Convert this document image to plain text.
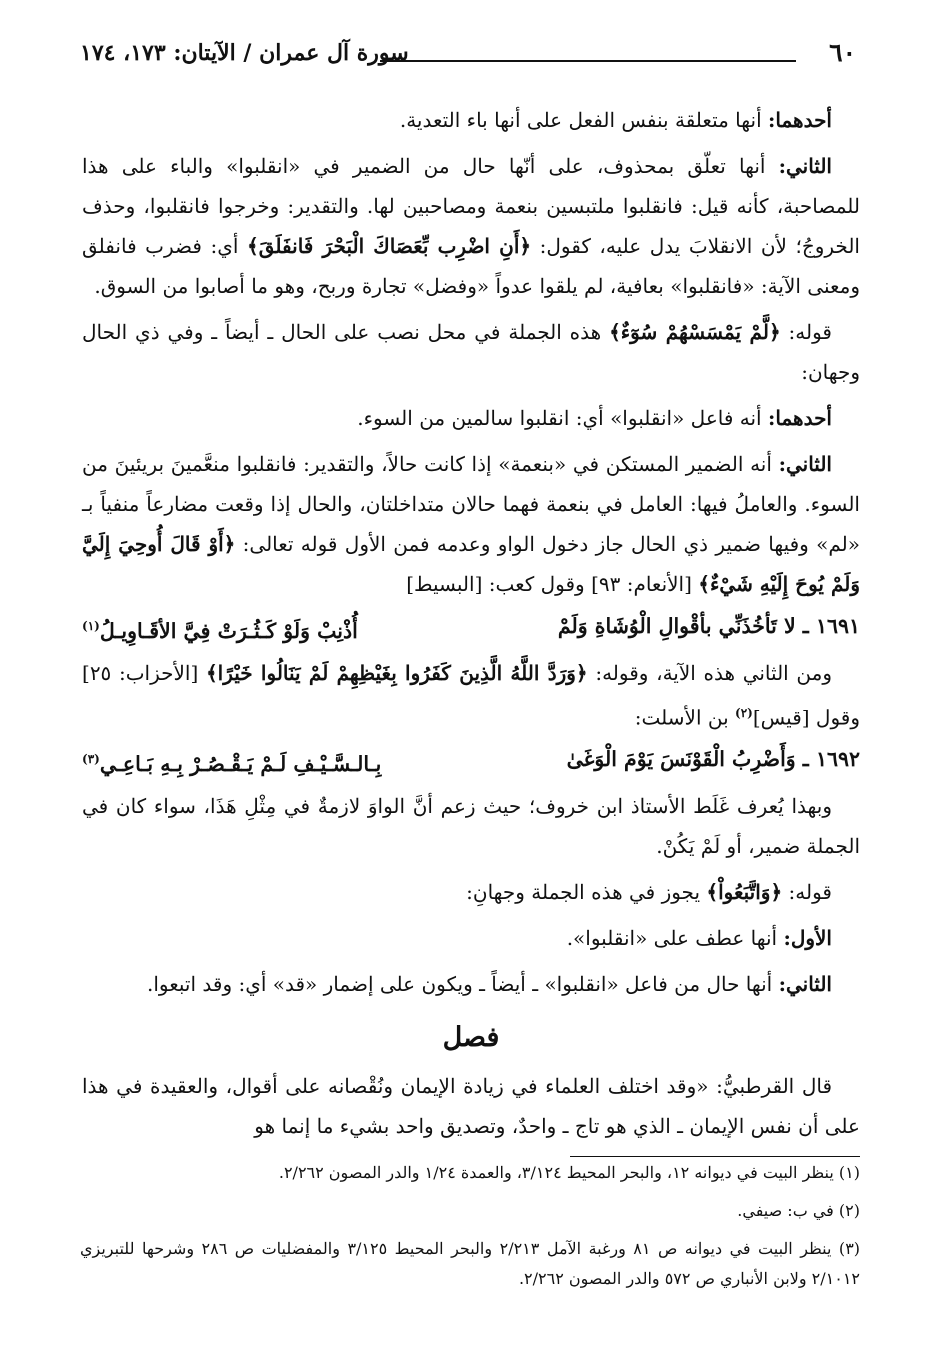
٦٠
سورة آل عمران / الآيتان: ١٧٣، ١٧٤

أحدهما: أنها متعلقة بنفس الفعل على أنها باء التعدية.

الثاني: أنها تعلّق بمحذوف، على أنّها حال من الضمير في «انقلبوا» والباء على هذا للمصاحبة، كأنه قيل: فانقلبوا ملتبسين بنعمة ومصاحبين لها. والتقدير: وخرجوا فانقلبوا، وحذف الخروجُ؛ لأن الانقلابَ يدل عليه، كقول: ﴿أَنِ اضْرِب بِّعَصَاكَ الْبَحْرَ فَانفَلَقَ﴾ أي: فضرب فانفلق ومعنى الآية: «فانقلبوا» بعافية، لم يلقوا عدواً «وفضل» تجارة وربح، وهو ما أصابوا من السوق.

قوله: ﴿لَّمْ يَمْسَسْهُمْ سُوٓءٌ﴾ هذه الجملة في محل نصب على الحال ـ أيضاً ـ وفي ذي الحال وجهان:

أحدهما: أنه فاعل «انقلبوا» أي: انقلبوا سالمين من السوء.

الثاني: أنه الضمير المستكن في «بنعمة» إذا كانت حالاً، والتقدير: فانقلبوا منعَّمينَ بريئينَ من السوء. والعاملُ فيها: العامل في بنعمة فهما حالان متداخلتان، والحال إذا وقعت مضارعاً منفياً بـ «لم» وفيها ضمير ذي الحال جاز دخول الواو وعدمه فمن الأول قوله تعالى: ﴿أَوْ قَالَ أُوحِيَ إِلَيَّ وَلَمْ يُوحَ إِلَيْهِ شَيْءٌ﴾ [الأنعام: ٩٣] وقول كعب: [البسيط]

١٦٩١ ـ لا تَأخُذَنِّي بأقْوالِ الْوُشَاةِ وَلَمْ
أُذْنِبْ وَلَوْ كَـثُـرَتْ فِيَّ الأقَـاوِيـلُ$^{(١)}$

ومن الثاني هذه الآية، وقوله: ﴿وَرَدَّ اللَّهُ الَّذِينَ كَفَرُوا بِغَيْظِهِمْ لَمْ يَنَالُوا خَيْرًا﴾ [الأحزاب: ٢٥] وقول [قيس]$^{(٢)}$ بن الأسلت:

١٦٩٢ ـ وَأَضْرِبُ الْقَوْنَسَ يَوْمَ الْوَغَىٰ
بِـالـسَّـيْـفِ لَـمْ يَـقْـصُـرْ بِـهِ بَـاعِـي$^{(٣)}$

وبهذا يُعرف غَلَط الأستاذ ابن خروف؛ حيث زعم أنَّ الواوَ لازمةٌ في مِثْلِ هَذَا، سواء كان في الجملة ضمير، أو لَمْ يَكُنْ.

قوله: ﴿وَاتَّبَعُواْ﴾ يجوز في هذه الجملة وجهانِ:

الأول: أنها عطف على «انقلبوا».

الثاني: أنها حال من فاعل «انقلبوا» ـ أيضاً ـ ويكون على إضمار «قد» أي: وقد اتبعوا.

فصل

قال القرطبيُّ: «وقد اختلف العلماء في زيادة الإيمان ونُقْصانه على أقوال، والعقيدة في هذا على أن نفس الإيمان ـ الذي هو تاج ـ واحدٌ، وتصديق واحد بشيء ما إنما هو

(١) ينظر البيت في ديوانه ١٢، والبحر المحيط ٣/١٢٤، والعمدة ١/٢٤ والدر المصون ٢/٢٦٢.

(٢) في ب: صيفي.

(٣) ينظر البيت في ديوانه ص ٨١ ورغبة الآمل ٢/٢١٣ والبحر المحيط ٣/١٢٥ والمفضليات ص ٢٨٦ وشرحها للتبريزي ٢/١٠١٢ ولابن الأنباري ص ٥٧٢ والدر المصون ٢/٢٦٢.
